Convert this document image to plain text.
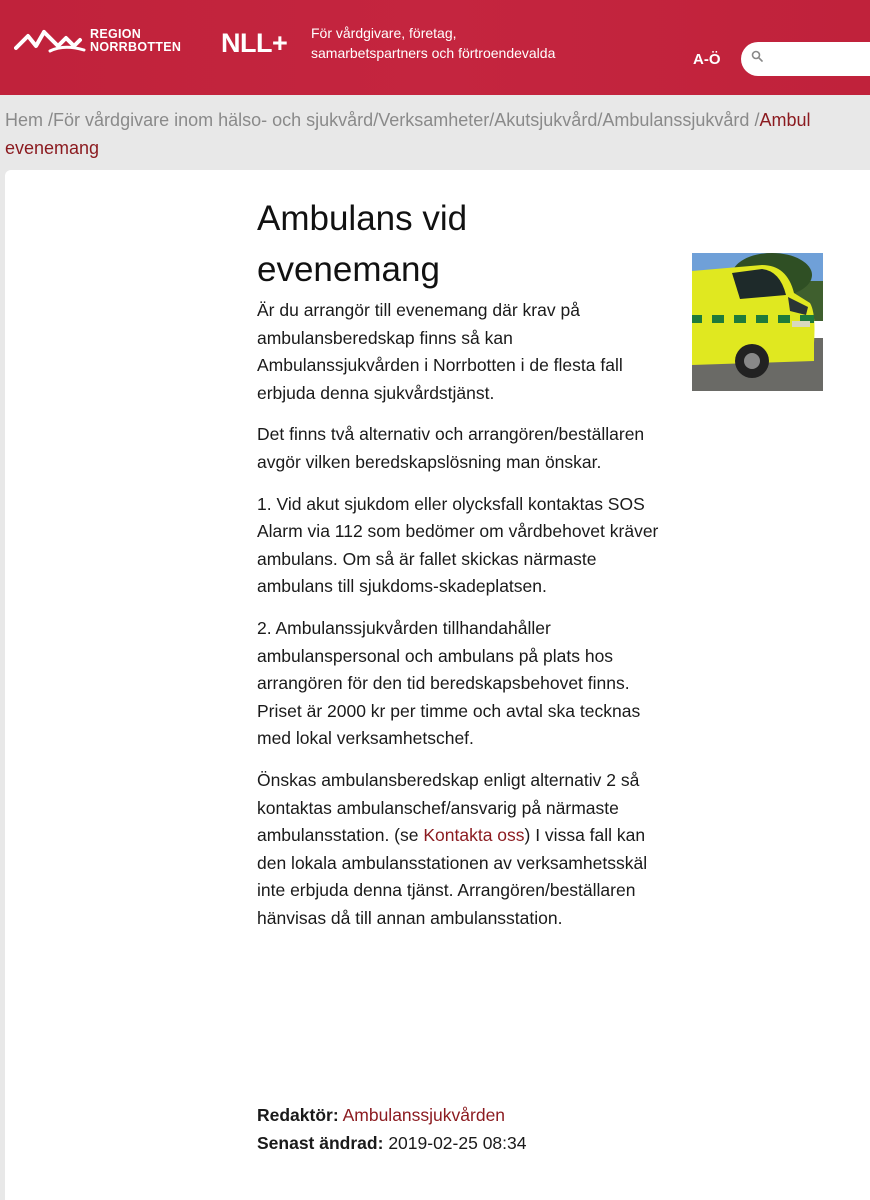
REGION
NORRBOTTEN NLL+ För vårdgivare, företag, samarbetspartners och förtroendevalda	A-Ö
Hem /För vårdgivare inom hälso- och sjukvård/Verksamheter/Akutsjukvård/Ambulanssjukvård /Ambul
evenemang
Ambulans vid evenemang

Är du arrangör till evenemang där krav på ambulansberedskap finns så kan Ambulanssjukvården i Norrbotten i de flesta fall erbjuda denna sjukvårdstjänst.

Det finns två alternativ och arrangören/beställaren avgör vilken beredskapslösning man önskar.

1. Vid akut sjukdom eller olycksfall kontaktas SOS Alarm via 112 som bedömer om vårdbehovet kräver ambulans. Om så är fallet skickas närmaste ambulans till sjukdoms-skadeplatsen.

2. Ambulanssjukvården tillhandahåller ambulanspersonal och ambulans på plats hos arrangören för den tid beredskapsbehovet finns. Priset är 2000 kr per timme och avtal ska tecknas med lokal verksamhetschef.

Önskas ambulansberedskap enligt alternativ 2 så kontaktas ambulanschef/ansvarig på närmaste ambulansstation. (se Kontakta oss) I vissa fall kan den lokala ambulansstationen av verksamhetsskäl inte erbjuda denna tjänst. Arrangören/beställaren hänvisas då till annan ambulansstation.

Redaktör: Ambulanssjukvården
Senast ändrad: 2019-02-25 08:34
